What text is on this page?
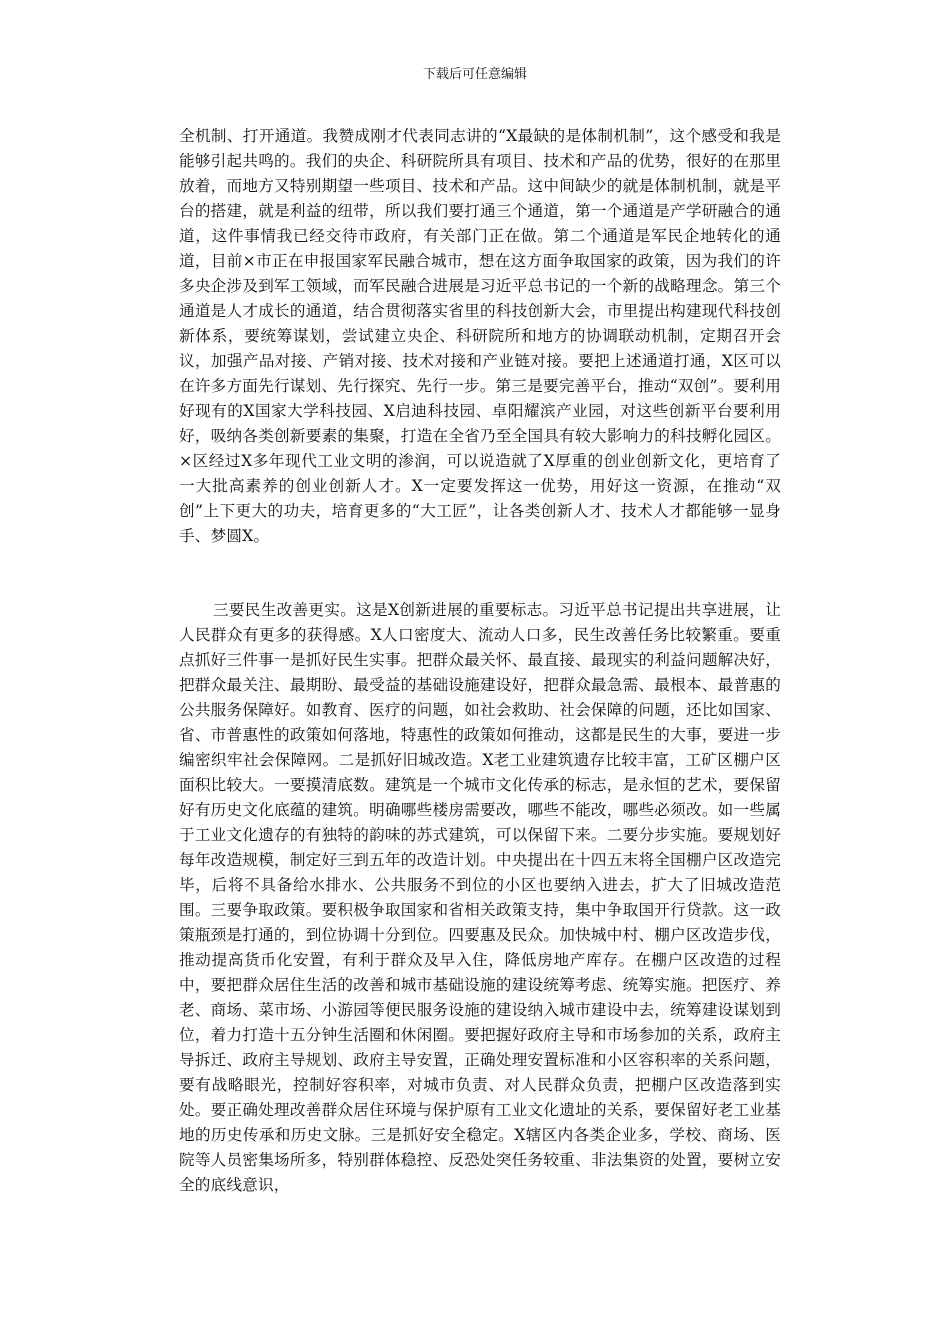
下载后可任意编辑
全机制、打开通道。我赞成刚才代表同志讲的“X最缺的是体制机制”，这个感受和我是能够引起共鸣的。我们的央企、科研院所具有项目、技术和产品的优势，很好的在那里放着，而地方又特别期望一些项目、技术和产品。这中间缺少的就是体制机制，就是平台的搭建，就是利益的纽带，所以我们要打通三个通道，第一个通道是产学研融合的通道，这件事情我已经交待市政府，有关部门正在做。第二个通道是军民企地转化的通道，目前×市正在申报国家军民融合城市，想在这方面争取国家的政策，因为我们的许多央企涉及到军工领域，而军民融合进展是习近平总书记的一个新的战略理念。第三个通道是人才成长的通道，结合贯彻落实省里的科技创新大会，市里提出构建现代科技创新体系，要统筹谋划，尝试建立央企、科研院所和地方的协调联动机制，定期召开会议，加强产品对接、产销对接、技术对接和产业链对接。要把上述通道打通，X区可以在许多方面先行谋划、先行探究、先行一步。第三是要完善平台，推动“双创”。要利用好现有的X国家大学科技园、X启迪科技园、卓阳耀滨产业园，对这些创新平台要利用好，吸纳各类创新要素的集聚，打造在全省乃至全国具有较大影响力的科技孵化园区。×区经过X多年现代工业文明的渗润，可以说造就了X厚重的创业创新文化，更培育了一大批高素养的创业创新人才。X一定要发挥这一优势，用好这一资源，在推动“双创”上下更大的功夫，培育更多的“大工匠”，让各类创新人才、技术人才都能够一显身手、梦圆X。
三要民生改善更实。这是X创新进展的重要标志。习近平总书记提出共享进展，让人民群众有更多的获得感。X人口密度大、流动人口多，民生改善任务比较繁重。要重点抓好三件事一是抓好民生实事。把群众最关怀、最直接、最现实的利益问题解决好，把群众最关注、最期盼、最受益的基础设施建设好，把群众最急需、最根本、最普惠的公共服务保障好。如教育、医疗的问题，如社会救助、社会保障的问题，还比如国家、省、市普惠性的政策如何落地，特惠性的政策如何推动，这都是民生的大事，要进一步编密织牢社会保障网。二是抓好旧城改造。X老工业建筑遗存比较丰富，工矿区棚户区面积比较大。一要摸清底数。建筑是一个城市文化传承的标志，是永恒的艺术，要保留好有历史文化底蕴的建筑。明确哪些楼房需要改，哪些不能改，哪些必须改。如一些属于工业文化遗存的有独特的韵味的苏式建筑，可以保留下来。二要分步实施。要规划好每年改造规模，制定好三到五年的改造计划。中央提出在十四五末将全国棚户区改造完毕，后将不具备给水排水、公共服务不到位的小区也要纳入进去，扩大了旧城改造范围。三要争取政策。要积极争取国家和省相关政策支持，集中争取国开行贷款。这一政策瓶颈是打通的，到位协调十分到位。四要惠及民众。加快城中村、棚户区改造步伐，推动提高货币化安置，有利于群众及早入住，降低房地产库存。在棚户区改造的过程中，要把群众居住生活的改善和城市基础设施的建设统筹考虑、统筹实施。把医疗、养老、商场、菜市场、小游园等便民服务设施的建设纳入城市建设中去，统筹建设谋划到位，着力打造十五分钟生活圈和休闲圈。要把握好政府主导和市场参加的关系，政府主导拆迁、政府主导规划、政府主导安置，正确处理安置标准和小区容积率的关系问题，要有战略眼光，控制好容积率，对城市负责、对人民群众负责，把棚户区改造落到实处。要正确处理改善群众居住环境与保护原有工业文化遗址的关系，要保留好老工业基地的历史传承和历史文脉。三是抓好安全稳定。X辖区内各类企业多，学校、商场、医院等人员密集场所多，特别群体稳控、反恐处突任务较重、非法集资的处置，要树立安全的底线意识，
